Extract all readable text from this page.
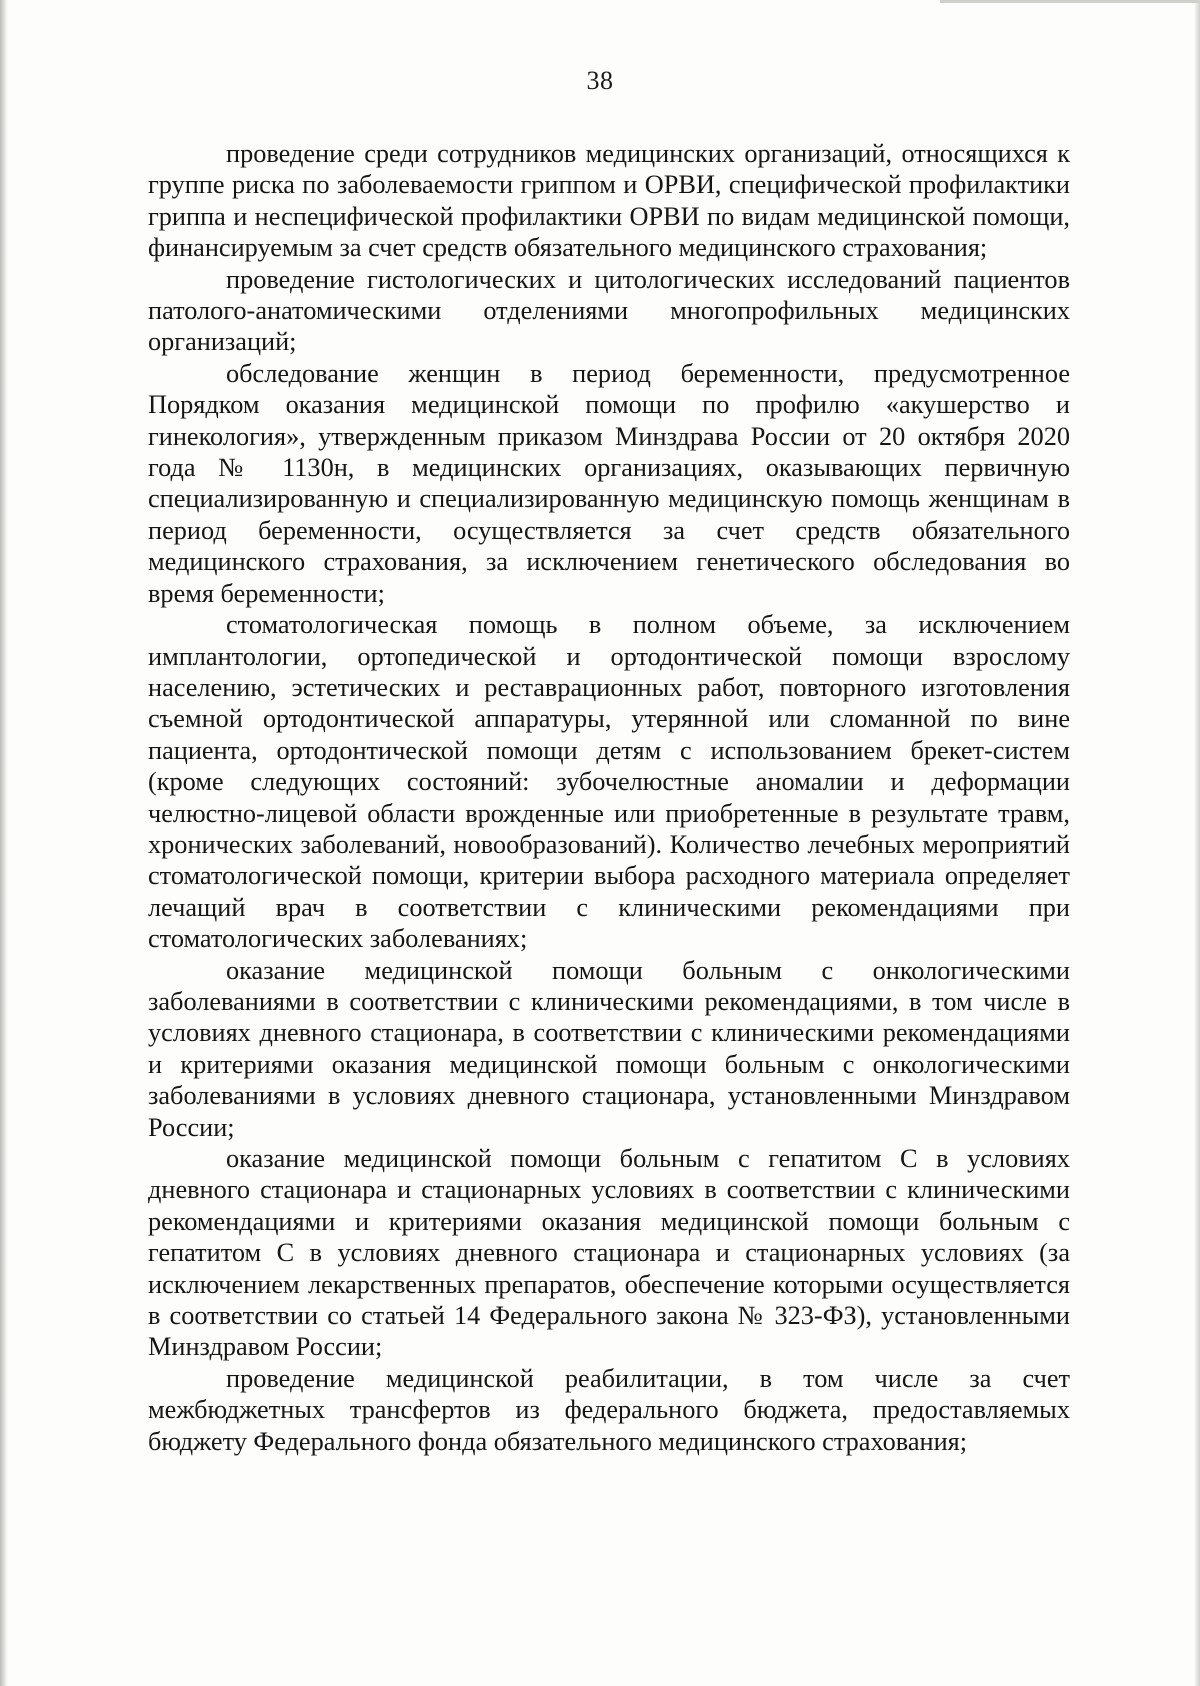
38

проведение среди сотрудников медицинских организаций, относящихся к группе риска по заболеваемости гриппом и ОРВИ, специфической профилактики гриппа и неспецифической профилактики ОРВИ по видам медицинской помощи, финансируемым за счет средств обязательного медицинского страхования;

проведение гистологических и цитологических исследований пациентов патолого-анатомическими отделениями многопрофильных медицинских организаций;

обследование женщин в период беременности, предусмотренное Порядком оказания медицинской помощи по профилю «акушерство и гинекология», утвержденным приказом Минздрава России от 20 октября 2020 года № 1130н, в медицинских организациях, оказывающих первичную специализированную и специализированную медицинскую помощь женщинам в период беременности, осуществляется за счет средств обязательного медицинского страхования, за исключением генетического обследования во время беременности;

стоматологическая помощь в полном объеме, за исключением имплантологии, ортопедической и ортодонтической помощи взрослому населению, эстетических и реставрационных работ, повторного изготовления съемной ортодонтической аппаратуры, утерянной или сломанной по вине пациента, ортодонтической помощи детям с использованием брекет-систем (кроме следующих состояний: зубочелюстные аномалии и деформации челюстно-лицевой области врожденные или приобретенные в результате травм, хронических заболеваний, новообразований). Количество лечебных мероприятий стоматологической помощи, критерии выбора расходного материала определяет лечащий врач в соответствии с клиническими рекомендациями при стоматологических заболеваниях;

оказание медицинской помощи больным с онкологическими заболеваниями в соответствии с клиническими рекомендациями, в том числе в условиях дневного стационара, в соответствии с клиническими рекомендациями и критериями оказания медицинской помощи больным с онкологическими заболеваниями в условиях дневного стационара, установленными Минздравом России;

оказание медицинской помощи больным с гепатитом С в условиях дневного стационара и стационарных условиях в соответствии с клиническими рекомендациями и критериями оказания медицинской помощи больным с гепатитом С в условиях дневного стационара и стационарных условиях (за исключением лекарственных препаратов, обеспечение которыми осуществляется в соответствии со статьей 14 Федерального закона № 323-ФЗ), установленными Минздравом России;

проведение медицинской реабилитации, в том числе за счет межбюджетных трансфертов из федерального бюджета, предоставляемых бюджету Федерального фонда обязательного медицинского страхования;
